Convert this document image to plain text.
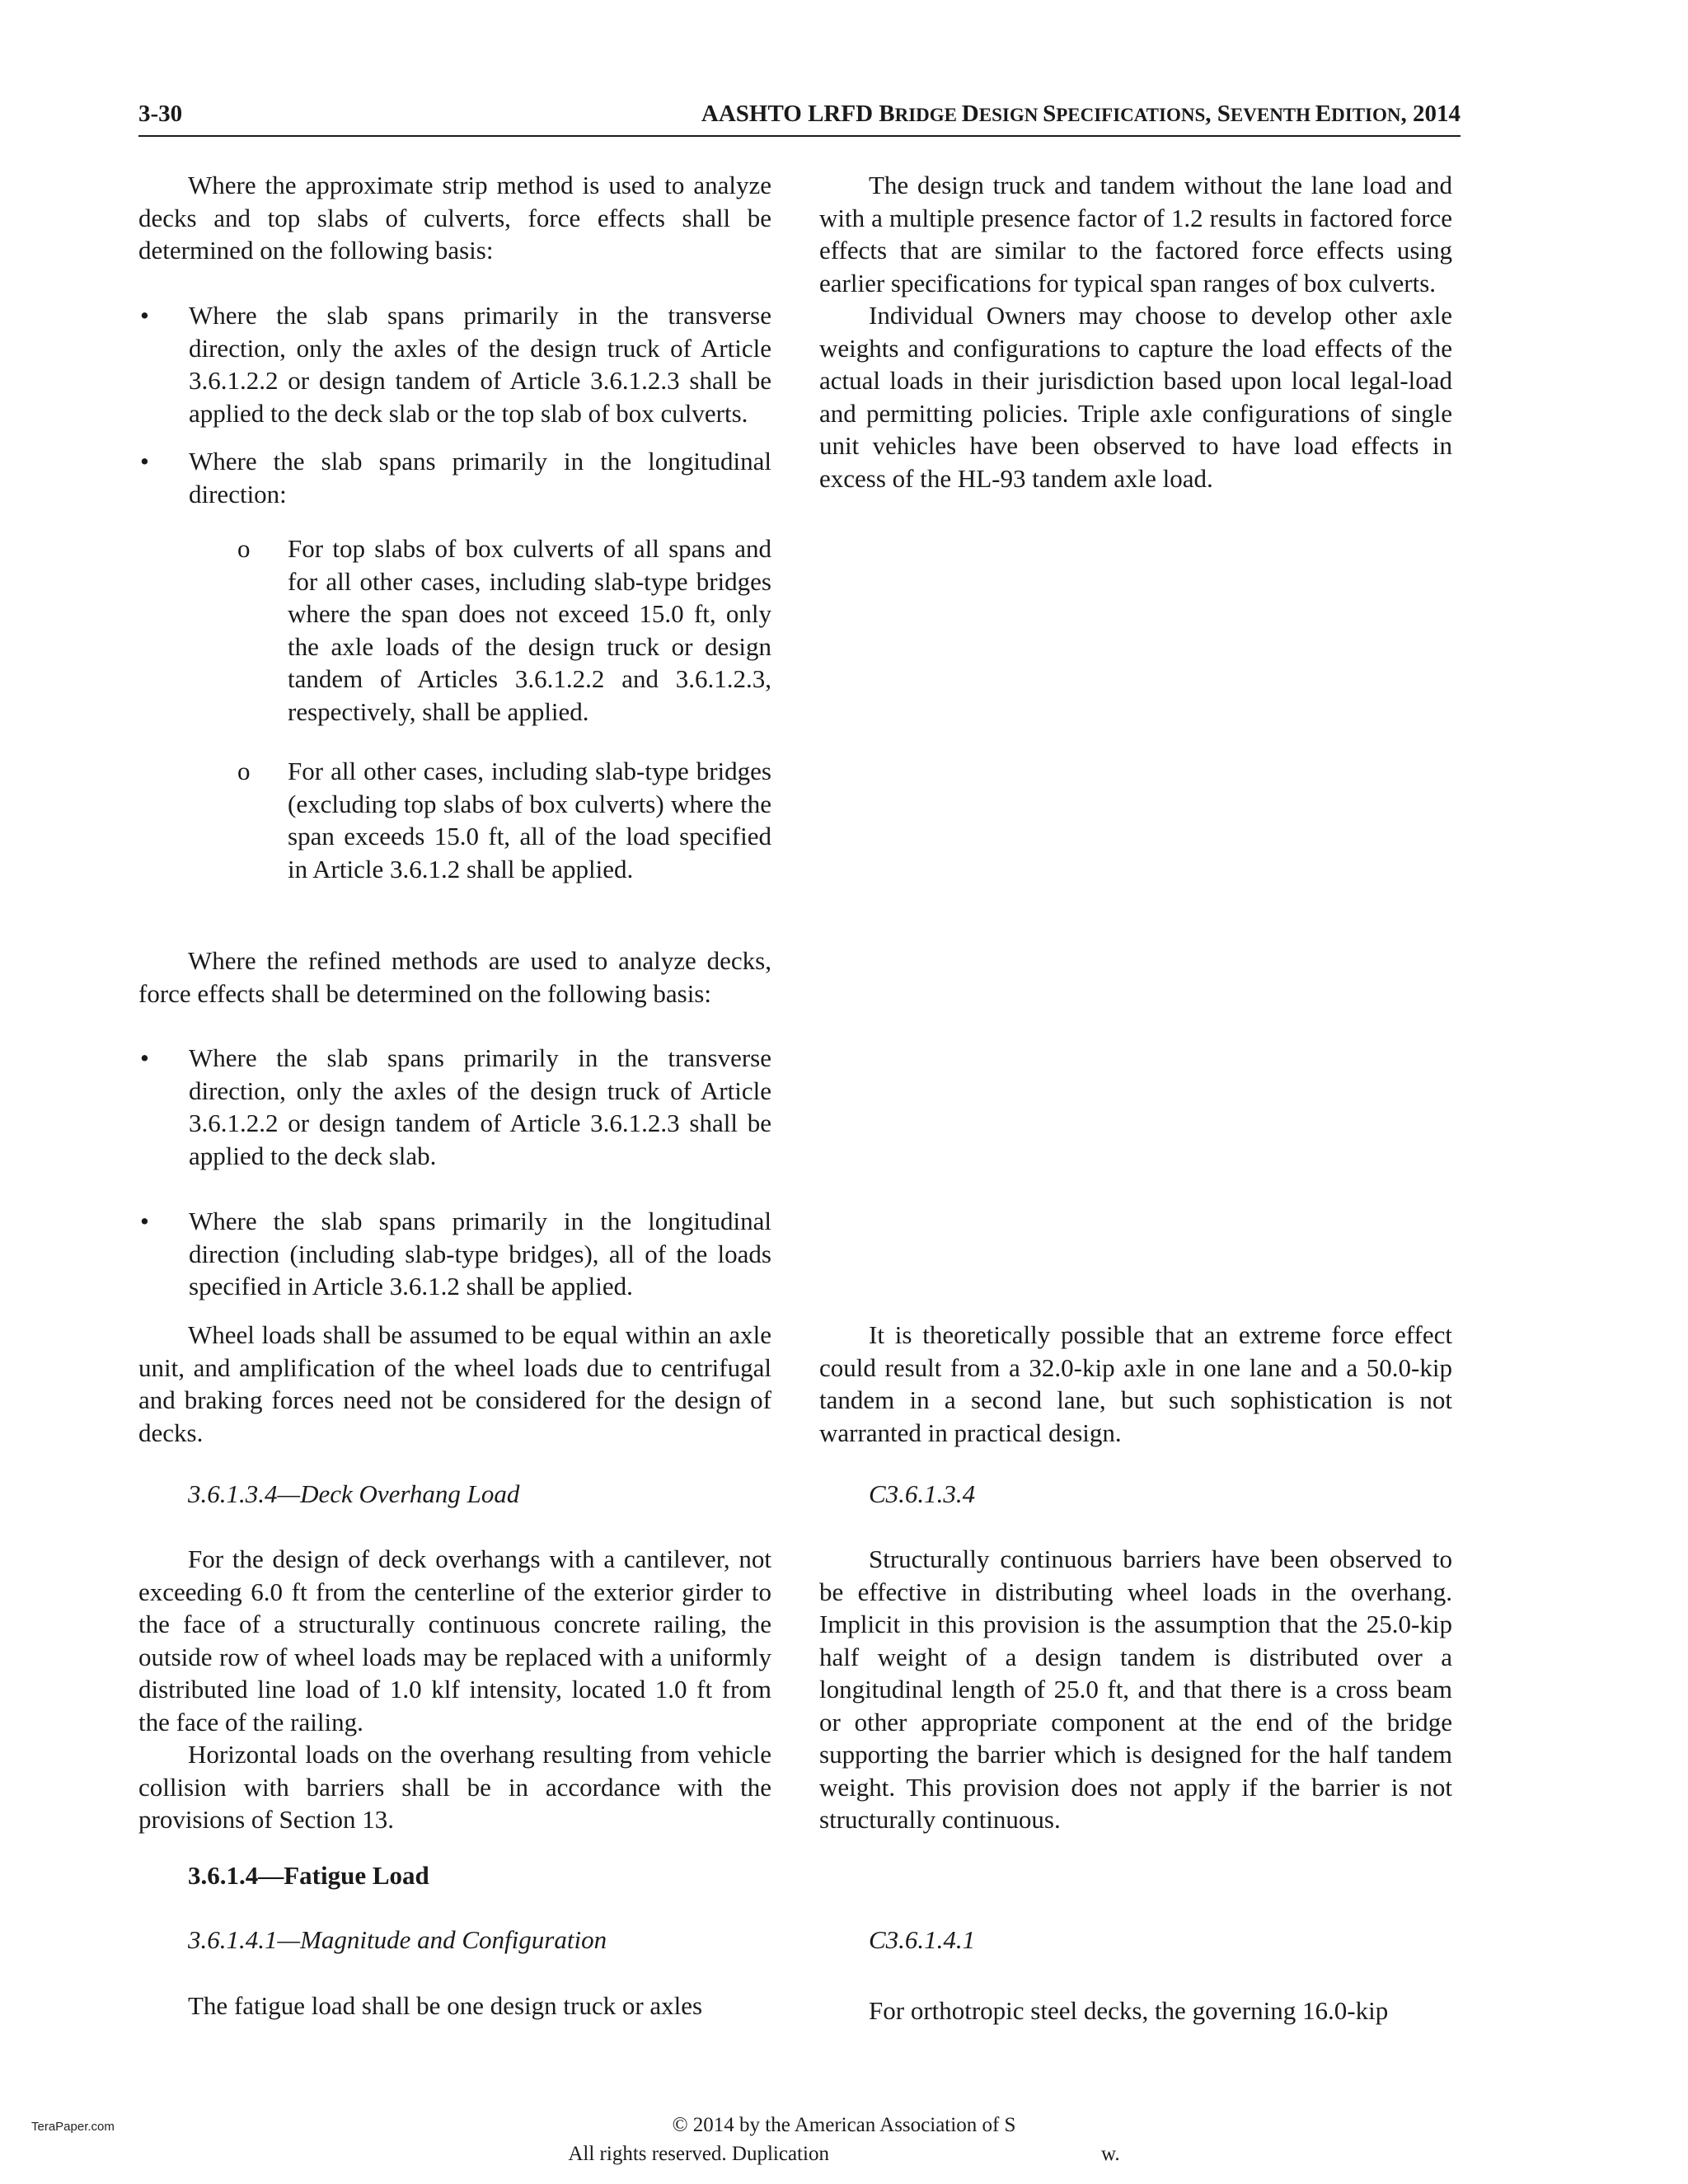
3-30	AASHTO LRFD BRIDGE DESIGN SPECIFICATIONS, SEVENTH EDITION, 2014

Where the approximate strip method is used to analyze decks and top slabs of culverts, force effects shall be determined on the following basis:

• Where the slab spans primarily in the transverse direction, only the axles of the design truck of Article 3.6.1.2.2 or design tandem of Article 3.6.1.2.3 shall be applied to the deck slab or the top slab of box culverts.
• Where the slab spans primarily in the longitudinal direction:
o For top slabs of box culverts of all spans and for all other cases, including slab-type bridges where the span does not exceed 15.0 ft, only the axle loads of the design truck or design tandem of Articles 3.6.1.2.2 and 3.6.1.2.3, respectively, shall be applied.
o For all other cases, including slab-type bridges (excluding top slabs of box culverts) where the span exceeds 15.0 ft, all of the load specified in Article 3.6.1.2 shall be applied.

Where the refined methods are used to analyze decks, force effects shall be determined on the following basis:

• Where the slab spans primarily in the transverse direction, only the axles of the design truck of Article 3.6.1.2.2 or design tandem of Article 3.6.1.2.3 shall be applied to the deck slab.
• Where the slab spans primarily in the longitudinal direction (including slab-type bridges), all of the loads specified in Article 3.6.1.2 shall be applied.

Wheel loads shall be assumed to be equal within an axle unit, and amplification of the wheel loads due to centrifugal and braking forces need not be considered for the design of decks.

3.6.1.3.4—Deck Overhang Load

For the design of deck overhangs with a cantilever, not exceeding 6.0 ft from the centerline of the exterior girder to the face of a structurally continuous concrete railing, the outside row of wheel loads may be replaced with a uniformly distributed line load of 1.0 klf intensity, located 1.0 ft from the face of the railing.

Horizontal loads on the overhang resulting from vehicle collision with barriers shall be in accordance with the provisions of Section 13.

3.6.1.4—Fatigue Load

3.6.1.4.1—Magnitude and Configuration

The fatigue load shall be one design truck or axles

The design truck and tandem without the lane load and with a multiple presence factor of 1.2 results in factored force effects that are similar to the factored force effects using earlier specifications for typical span ranges of box culverts.

Individual Owners may choose to develop other axle weights and configurations to capture the load effects of the actual loads in their jurisdiction based upon local legal-load and permitting policies. Triple axle configurations of single unit vehicles have been observed to have load effects in excess of the HL-93 tandem axle load.

It is theoretically possible that an extreme force effect could result from a 32.0-kip axle in one lane and a 50.0-kip tandem in a second lane, but such sophistication is not warranted in practical design.

C3.6.1.3.4

Structurally continuous barriers have been observed to be effective in distributing wheel loads in the overhang. Implicit in this provision is the assumption that the 25.0-kip half weight of a design tandem is distributed over a longitudinal length of 25.0 ft, and that there is a cross beam or other appropriate component at the end of the bridge supporting the barrier which is designed for the half tandem weight. This provision does not apply if the barrier is not structurally continuous.

C3.6.1.4.1

For orthotropic steel decks, the governing 16.0-kip

TeraPaper.com	© 2014 by the American Association of S
All rights reserved. Duplication	w.
